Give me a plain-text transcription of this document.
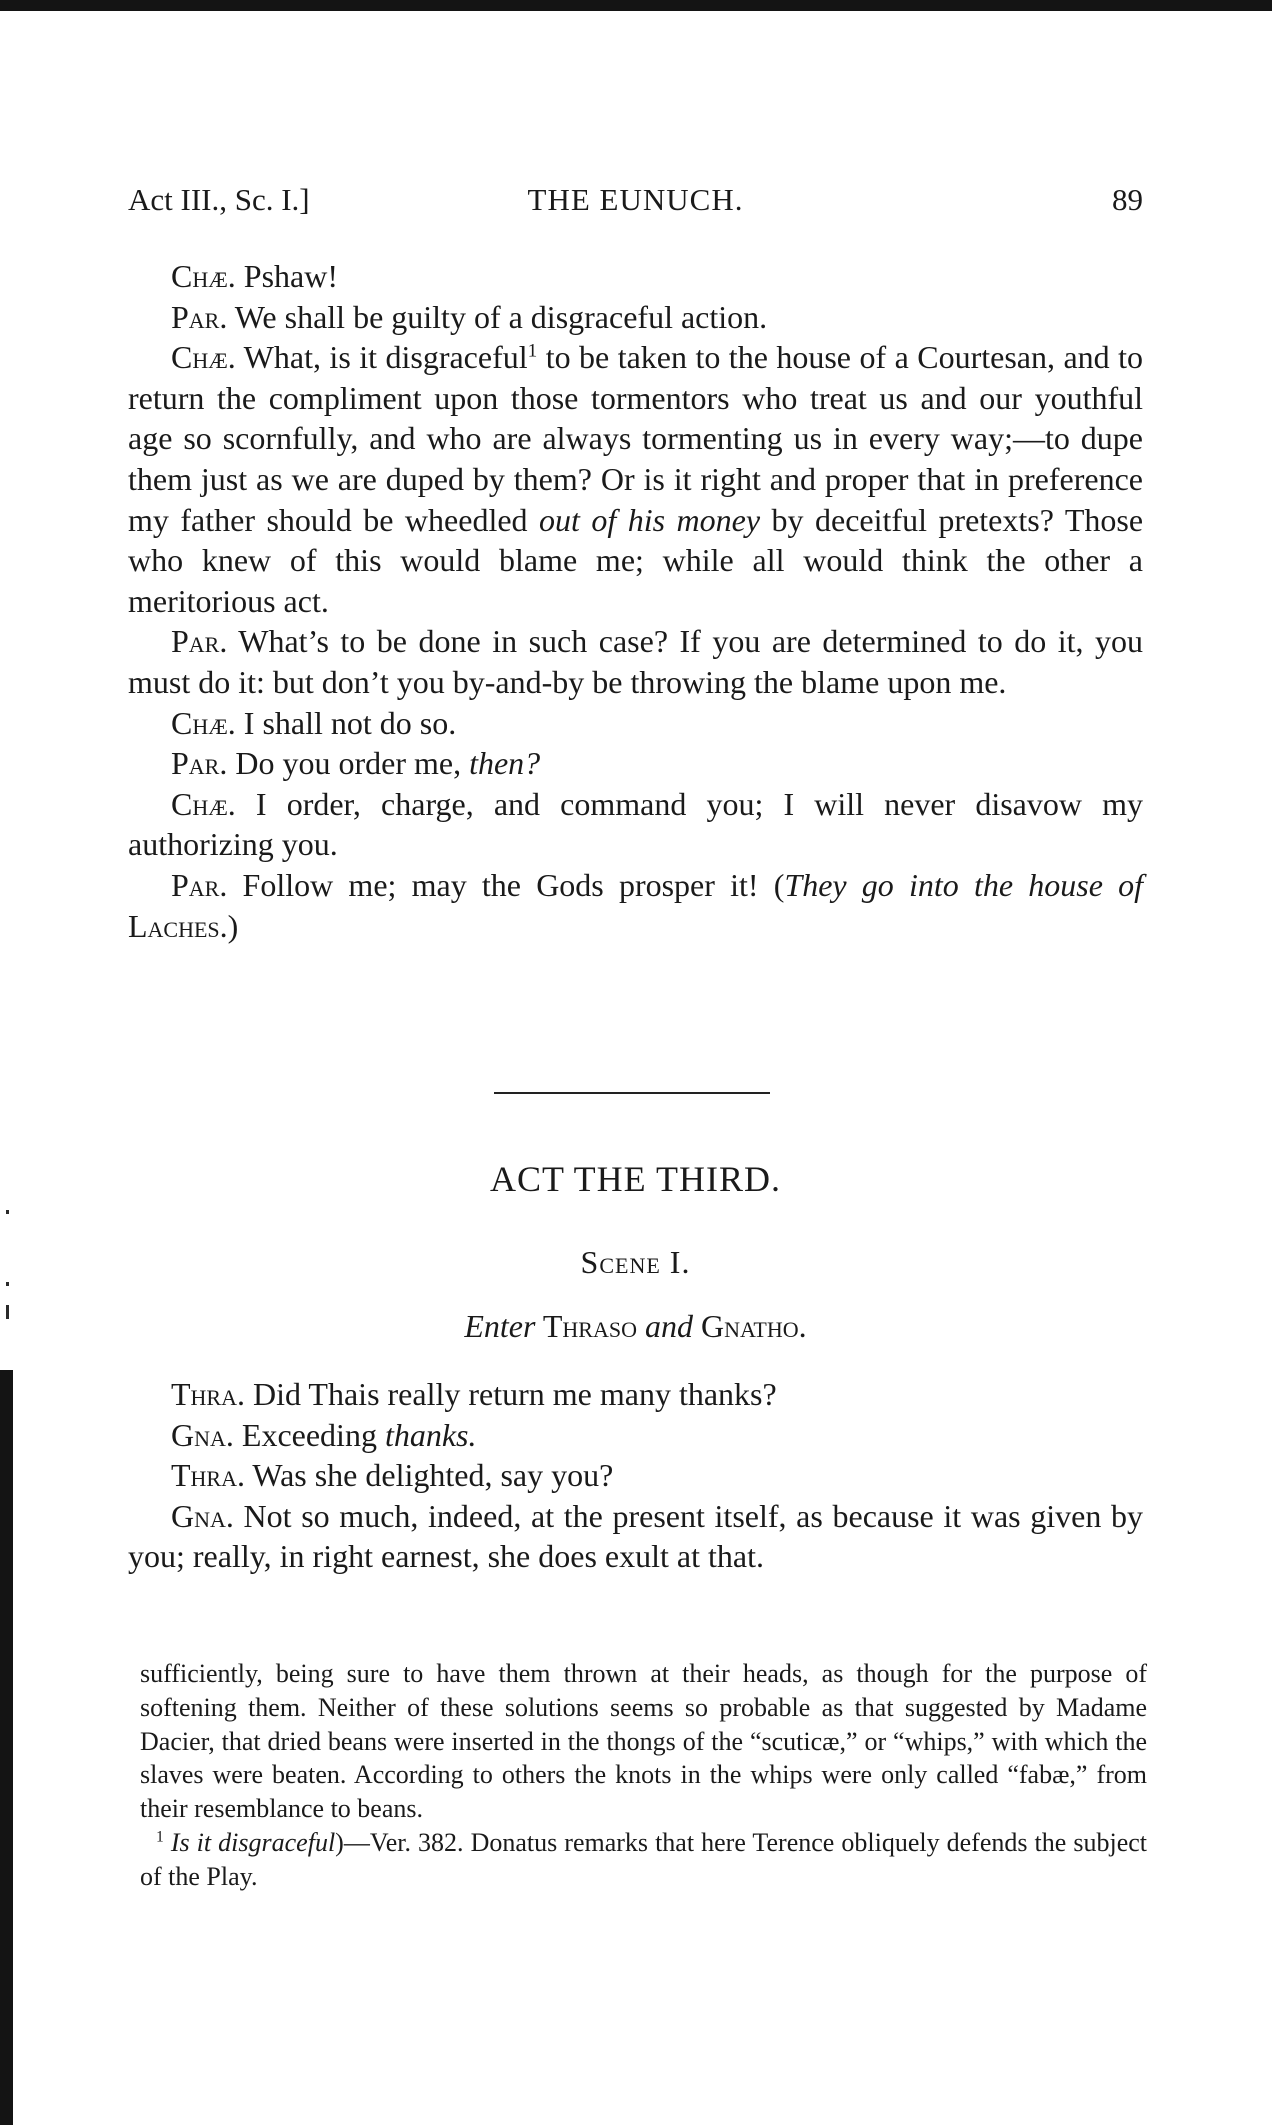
Act III., Sc. I.]	THE EUNUCH.	89

Chæ. Pshaw!

Par. We shall be guilty of a disgraceful action.

Chæ. What, is it disgraceful$^1$ to be taken to the house of a Courtesan, and to return the compliment upon those tormentors who treat us and our youthful age so scornfully, and who are always tormenting us in every way;—to dupe them just as we are duped by them? Or is it right and proper that in preference my father should be wheedled out of his money by deceitful pretexts? Those who knew of this would blame me; while all would think the other a meritorious act.

Par. What’s to be done in such case? If you are determined to do it, you must do it: but don’t you by-and-by be throwing the blame upon me.

Chæ. I shall not do so.

Par. Do you order me, then?

Chæ. I order, charge, and command you; I will never disavow my authorizing you.

Par. Follow me; may the Gods prosper it! (They go into the house of Laches.)

ACT THE THIRD.

Scene I.

Enter Thraso and Gnatho.

Thra. Did Thais really return me many thanks?

Gna. Exceeding thanks.

Thra. Was she delighted, say you?

Gna. Not so much, indeed, at the present itself, as because it was given by you; really, in right earnest, she does exult at that.

sufficiently, being sure to have them thrown at their heads, as though for the purpose of softening them. Neither of these solutions seems so probable as that suggested by Madame Dacier, that dried beans were inserted in the thongs of the “scuticæ,” or “whips,” with which the slaves were beaten. According to others the knots in the whips were only called “fabæ,” from their resemblance to beans.

$^1$ Is it disgraceful)—Ver. 382. Donatus remarks that here Terence obliquely defends the subject of the Play.
